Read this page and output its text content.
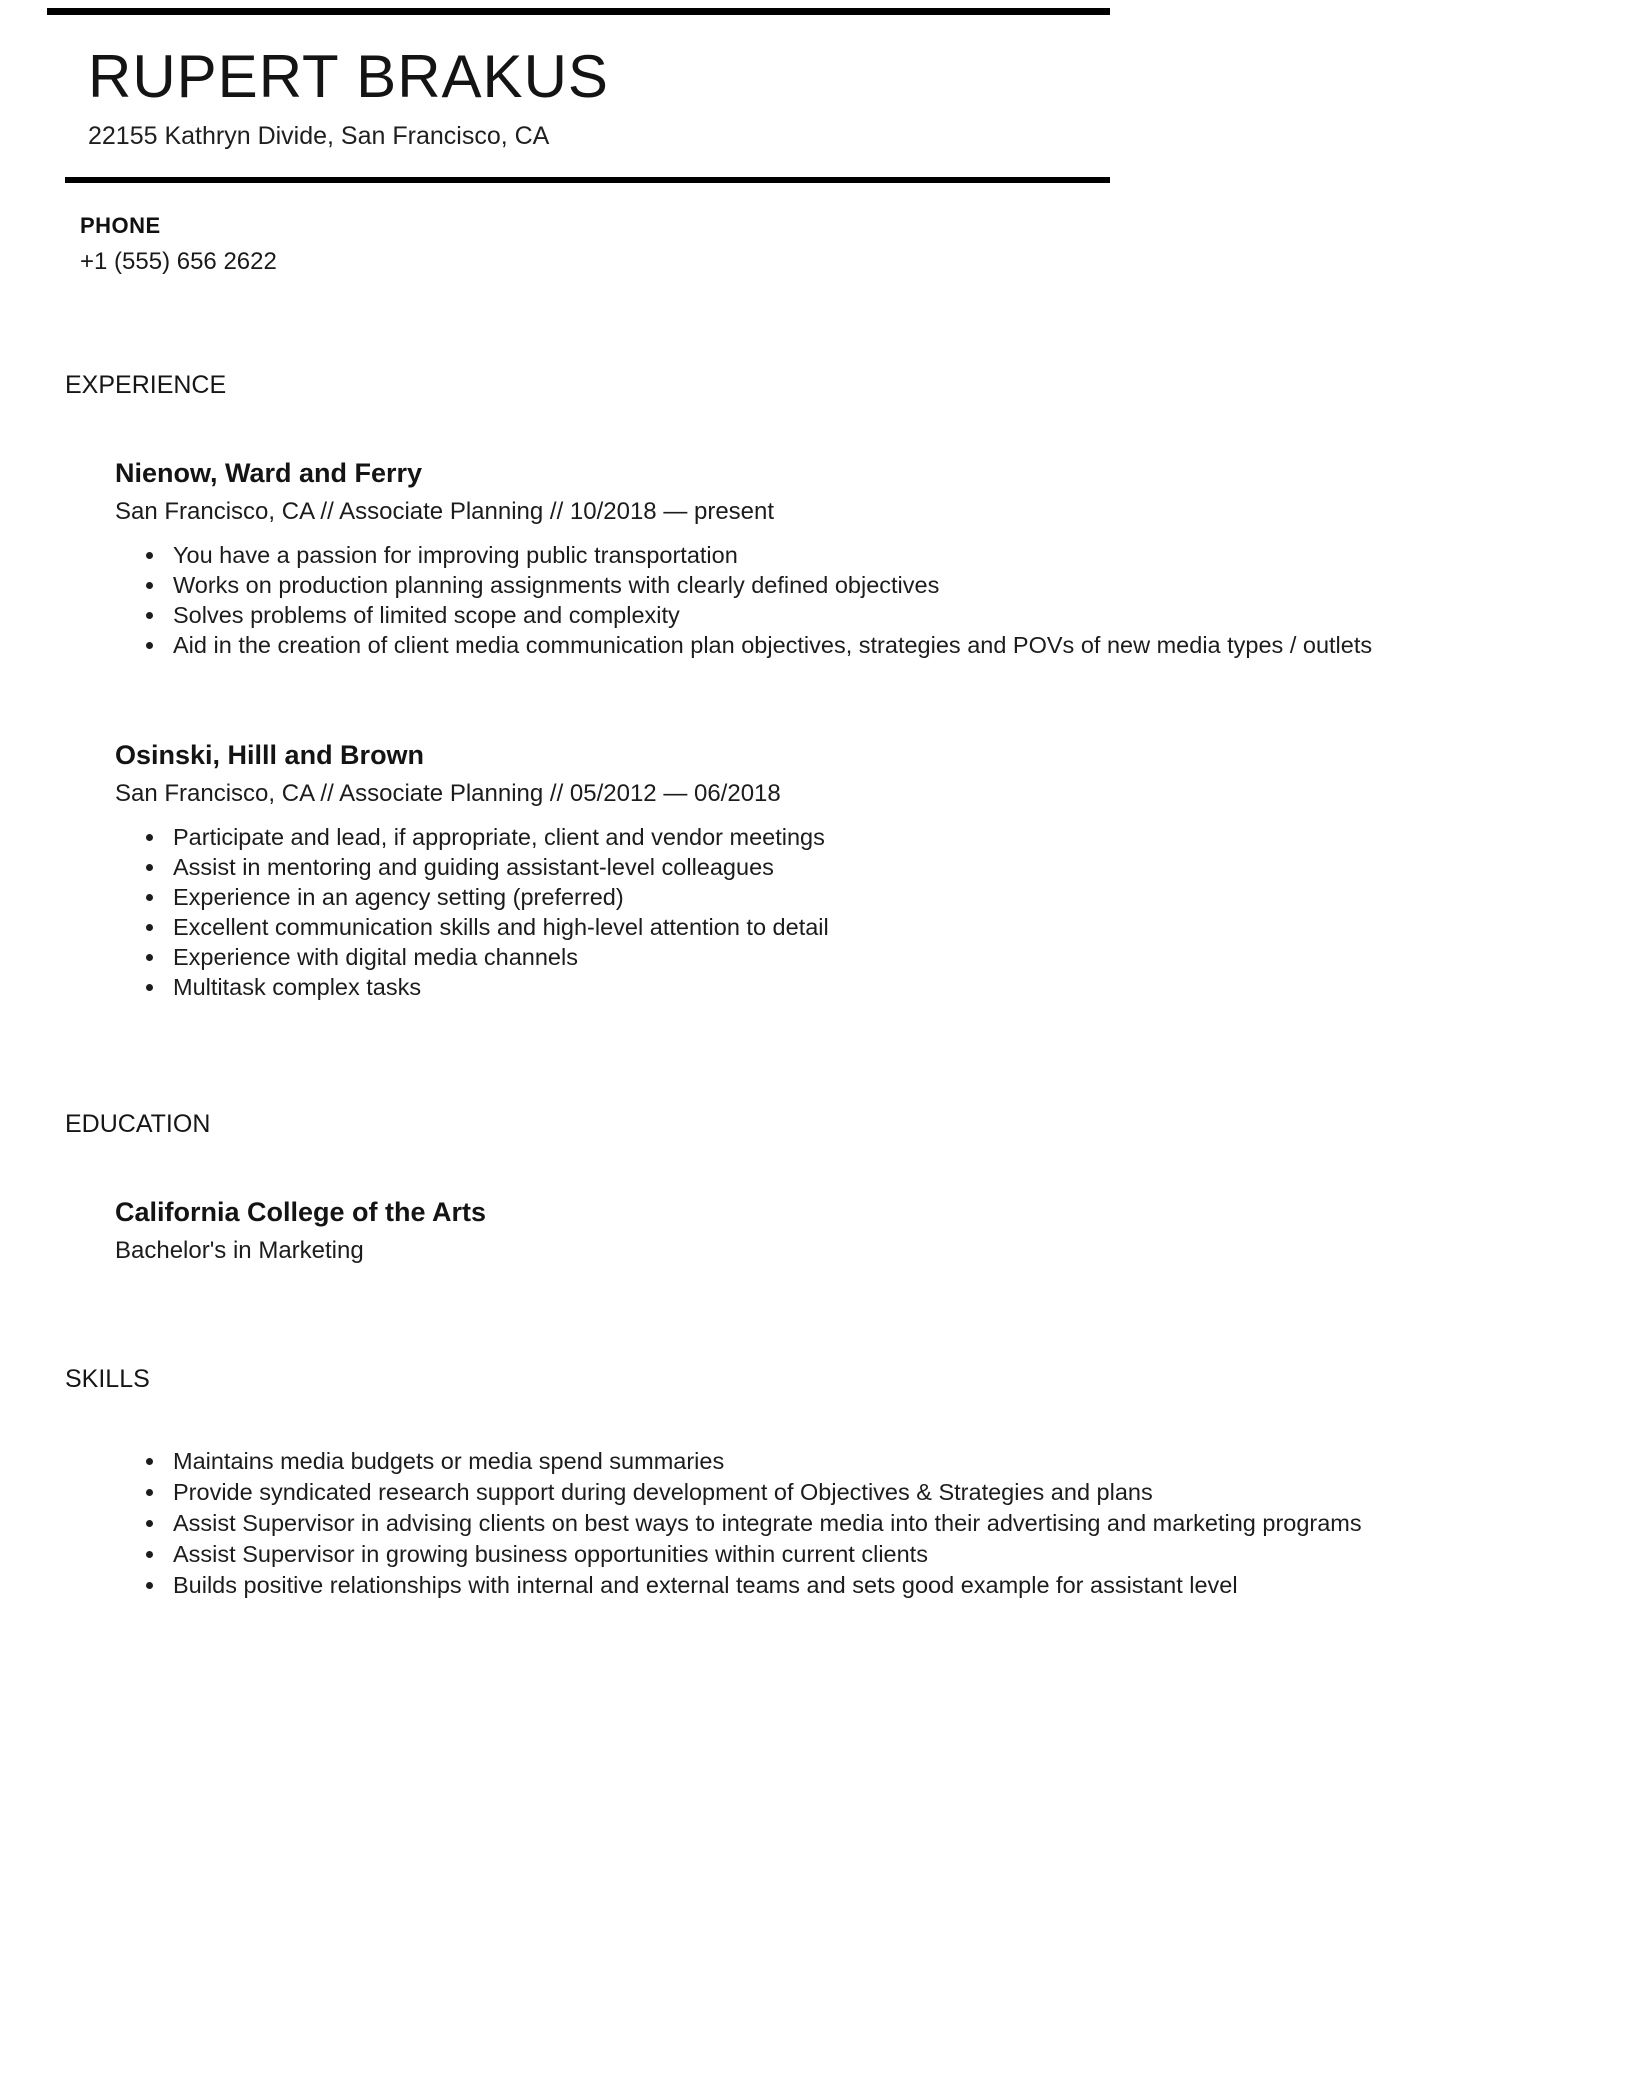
RUPERT BRAKUS
22155 Kathryn Divide, San Francisco, CA
PHONE
+1 (555) 656 2622
EXPERIENCE
Nienow, Ward and Ferry
San Francisco, CA // Associate Planning // 10/2018 — present
• You have a passion for improving public transportation
• Works on production planning assignments with clearly defined objectives
• Solves problems of limited scope and complexity
• Aid in the creation of client media communication plan objectives, strategies and POVs of new media types / outlets
Osinski, Hilll and Brown
San Francisco, CA // Associate Planning // 05/2012 — 06/2018
• Participate and lead, if appropriate, client and vendor meetings
• Assist in mentoring and guiding assistant-level colleagues
• Experience in an agency setting (preferred)
• Excellent communication skills and high-level attention to detail
• Experience with digital media channels
• Multitask complex tasks
EDUCATION
California College of the Arts
Bachelor's in Marketing
SKILLS
• Maintains media budgets or media spend summaries
• Provide syndicated research support during development of Objectives & Strategies and plans
• Assist Supervisor in advising clients on best ways to integrate media into their advertising and marketing programs
• Assist Supervisor in growing business opportunities within current clients
• Builds positive relationships with internal and external teams and sets good example for assistant level
